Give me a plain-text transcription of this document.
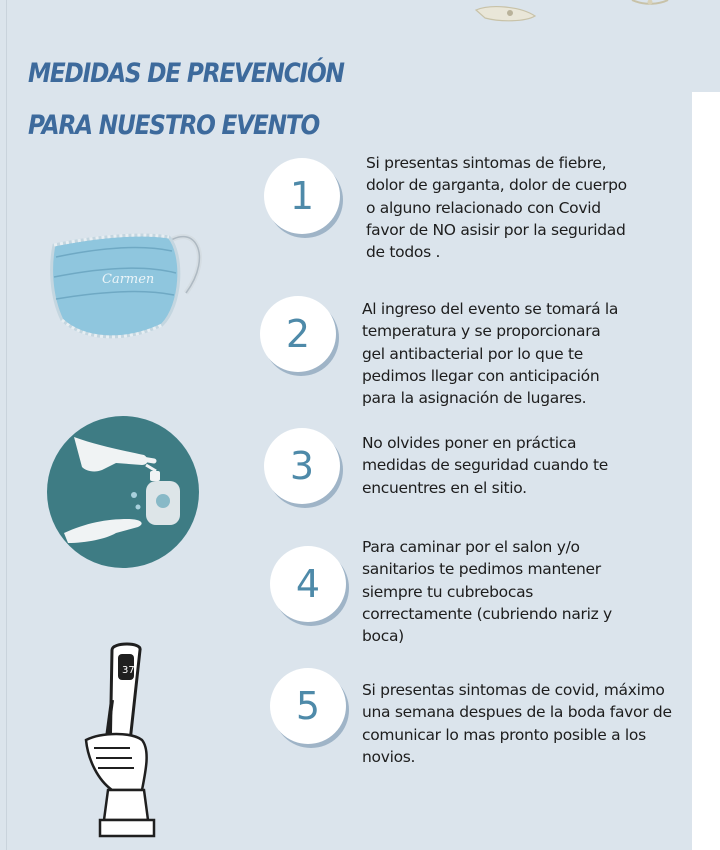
MEDIDAS DE PREVENCIÓN
PARA NUESTRO EVENTO
Carmen
37
1

Si presentas sintomas de fiebre, dolor de garganta, dolor de cuerpo o alguno relacionado con Covid favor de NO asisir por la seguridad de todos .

2

Al ingreso del evento se tomará la temperatura y se proporcionara gel antibacterial por lo que te pedimos llegar con anticipación para la asignación de lugares.

3

No olvides poner en práctica medidas de seguridad cuando te encuentres en el sitio.

4

Para caminar por el salon y/o sanitarios te pedimos mantener siempre tu cubrebocas correctamente (cubriendo nariz y boca)

5	Si presentas sintomas de covid, máximo una semana despues de la boda favor de comunicar lo mas pronto posible a los novios.
